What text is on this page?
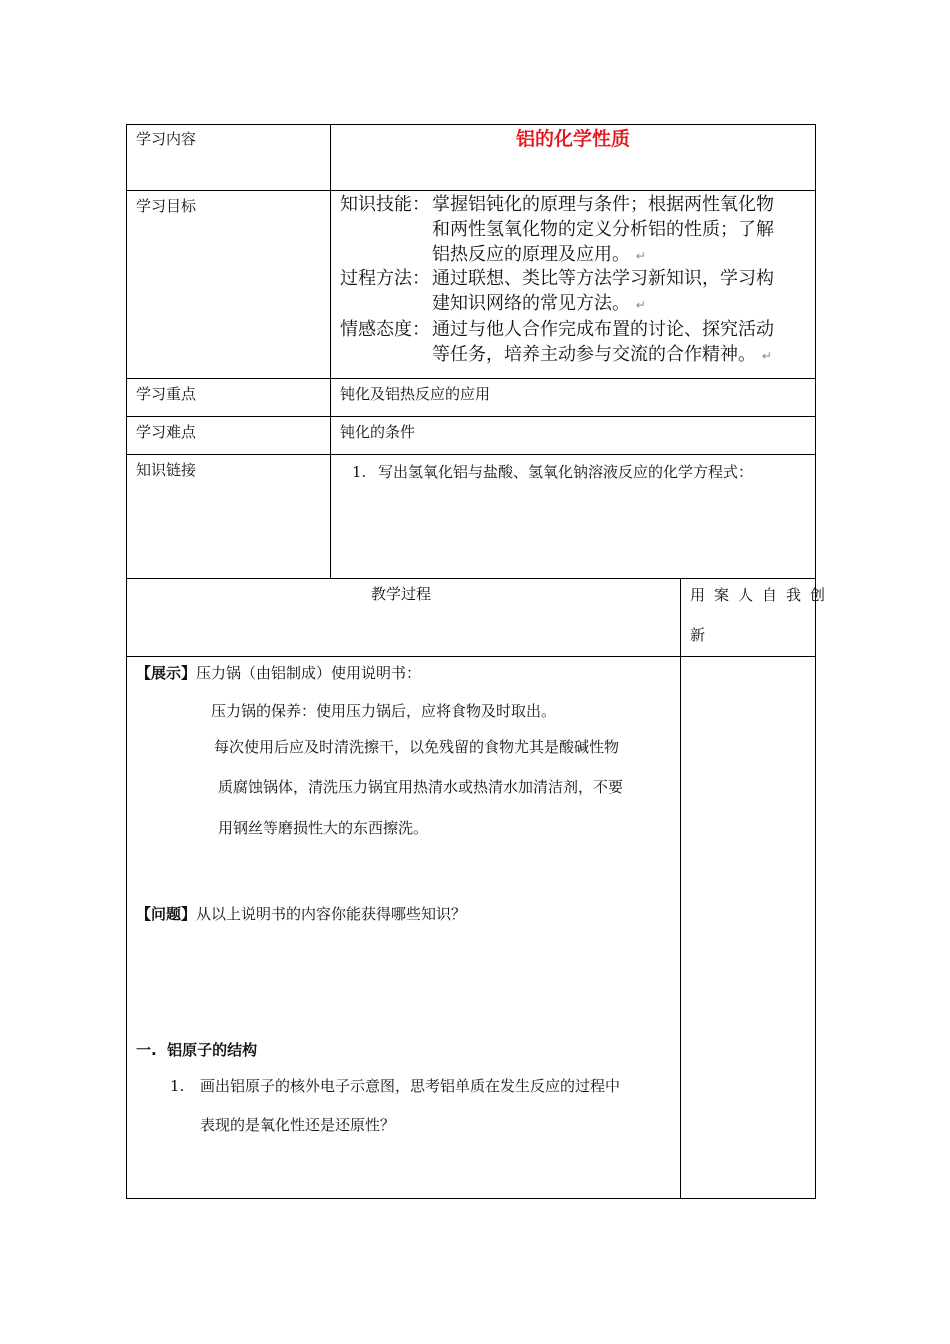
学习内容	铝的化学性质
学习目标	知识技能： 掌握铝钝化的原理与条件；根据两性氧化物
和两性氢氧化物的定义分析铝的性质；了解
铝热反应的原理及应用。 ↵
过程方法： 通过联想、类比等方法学习新知识，学习构
建知识网络的常见方法。 ↵
情感态度： 通过与他人合作完成布置的讨论、探究活动
等任务，培养主动参与交流的合作精神。 ↵
学习重点	钝化及铝热反应的应用
学习难点	钝化的条件
知识链接	1. 写出氢氧化铝与盐酸、氢氧化钠溶液反应的化学方程式：
教学过程	用案人自我创
新
【展示】压力锅（由铝制成）使用说明书：
压力锅的保养：使用压力锅后，应将食物及时取出。
每次使用后应及时清洗擦干，以免残留的食物尤其是酸碱性物
质腐蚀锅体，清洗压力锅宜用热清水或热清水加清洁剂，不要
用钢丝等磨损性大的东西擦洗。
【问题】从以上说明书的内容你能获得哪些知识？
一. 铝原子的结构
1. 画出铝原子的核外电子示意图，思考铝单质在发生反应的过程中
表现的是氧化性还是还原性？
